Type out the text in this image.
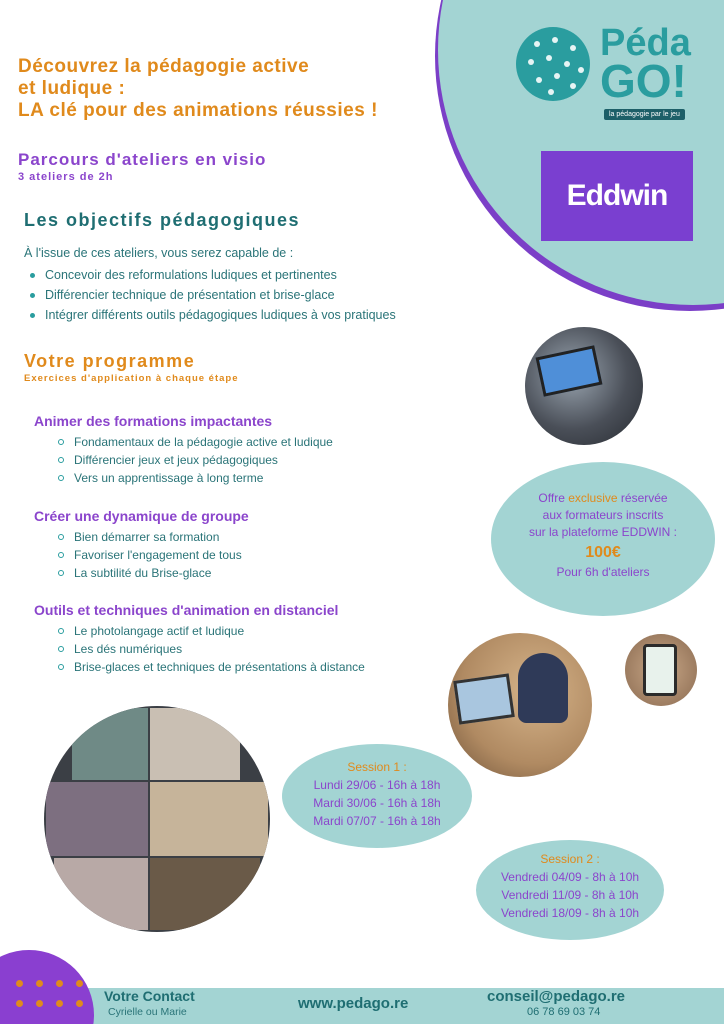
Péda
GO!
la pédagogie par le jeu
Eddwin
Découvrez la pédagogie active
et ludique :
LA clé pour des animations réussies !
Parcours d'ateliers en visio
3 ateliers de 2h
Les objectifs pédagogiques
À l'issue de ces ateliers, vous serez capable de :
Concevoir des reformulations ludiques et pertinentes
Différencier technique de présentation et brise-glace
Intégrer différents outils pédagogiques ludiques à vos pratiques
Votre programme
Exercices d'application à chaque étape
Animer des formations impactantes
Fondamentaux de la pédagogie active et ludique
Différencier jeux et jeux pédagogiques
Vers un apprentissage à long terme
Créer une dynamique de groupe
Bien démarrer sa formation
Favoriser l'engagement de tous
La subtilité du Brise-glace
Outils et techniques d'animation en distanciel
Le photolangage actif et ludique
Les dés numériques
Brise-glaces et techniques de présentations à distance
Offre exclusive réservée
aux formateurs inscrits
sur la plateforme EDDWIN :
100€
Pour 6h d'ateliers
Session 1 :
Lundi 29/06 - 16h à 18h
Mardi 30/06 - 16h à 18h
Mardi 07/07 - 16h à 18h
Session 2 :
Vendredi 04/09 - 8h à 10h
Vendredi 11/09 - 8h à 10h
Vendredi 18/09 - 8h à 10h
Votre Contact
Cyrielle ou Marie	www.pedago.re	conseil@pedago.re
06 78 69 03 74
